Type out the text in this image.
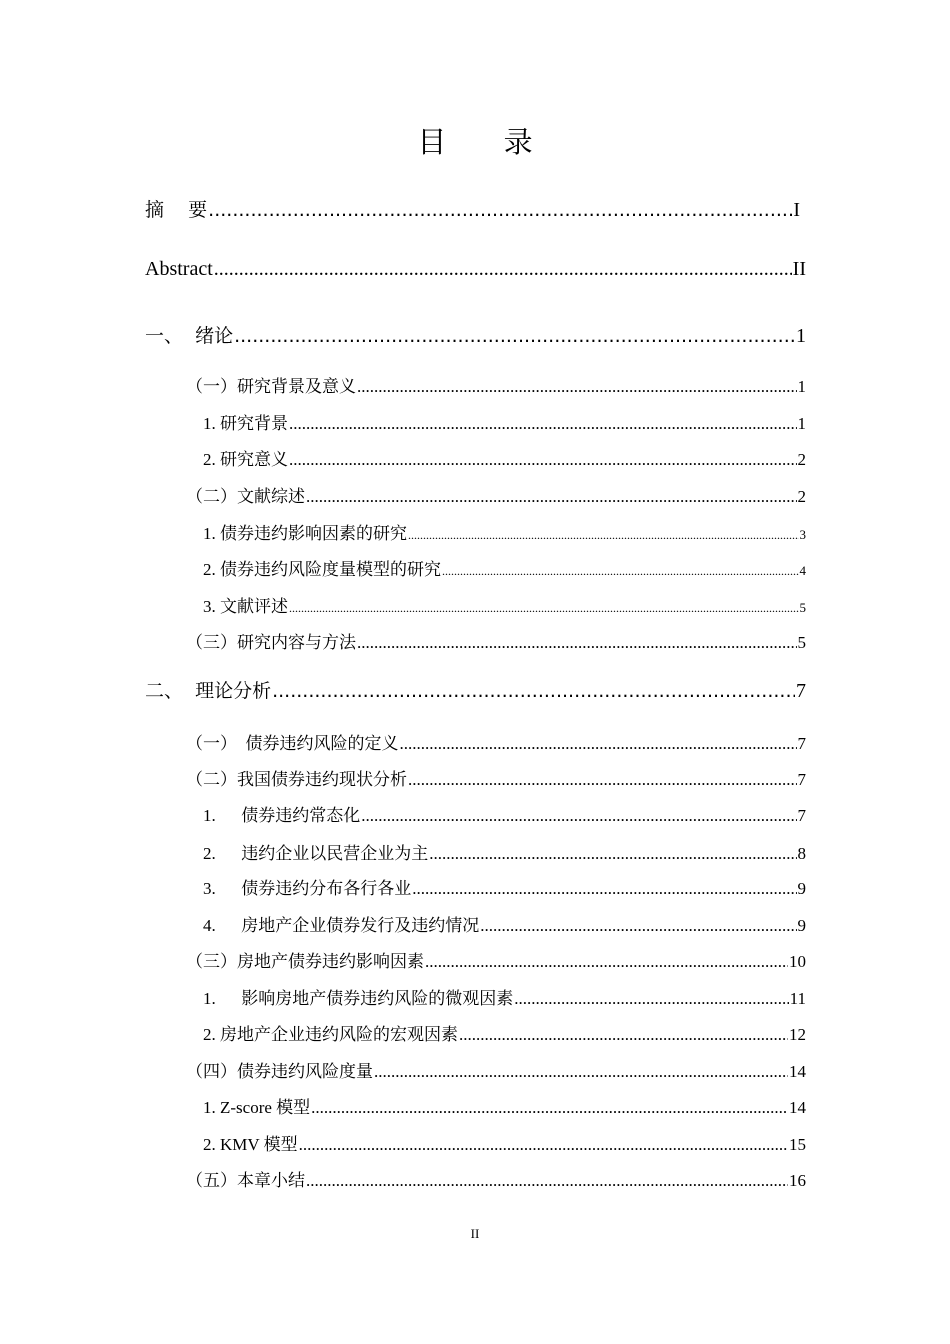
目 录
摘    要 .....	I
Abstract .....	II
一、  绪论 .....	1
（一）研究背景及意义 .....	1
1. 研究背景 .....	1
2. 研究意义 .....	2
（二）文献综述 .....	2
1. 债券违约影响因素的研究 .....	3
2. 债券违约风险度量模型的研究 .....	4
3. 文献评述 .....	5
（三）研究内容与方法 .....	5
二、  理论分析 .....	7
（一）  债券违约风险的定义 .....	7
（二）我国债券违约现状分析 .....	7
1.      债券违约常态化 .....	7
2.      违约企业以民营企业为主 .....	8
3.      债券违约分布各行各业 .....	9
4.      房地产企业债券发行及违约情况 .....	9
（三）房地产债券违约影响因素 .....	10
1.      影响房地产债券违约风险的微观因素 .....	11
2. 房地产企业违约风险的宏观因素 .....	12
（四）债券违约风险度量 .....	14
1. Z-score 模型 .....	14
2. KMV 模型 .....	15
（五）本章小结 .....	16
II
